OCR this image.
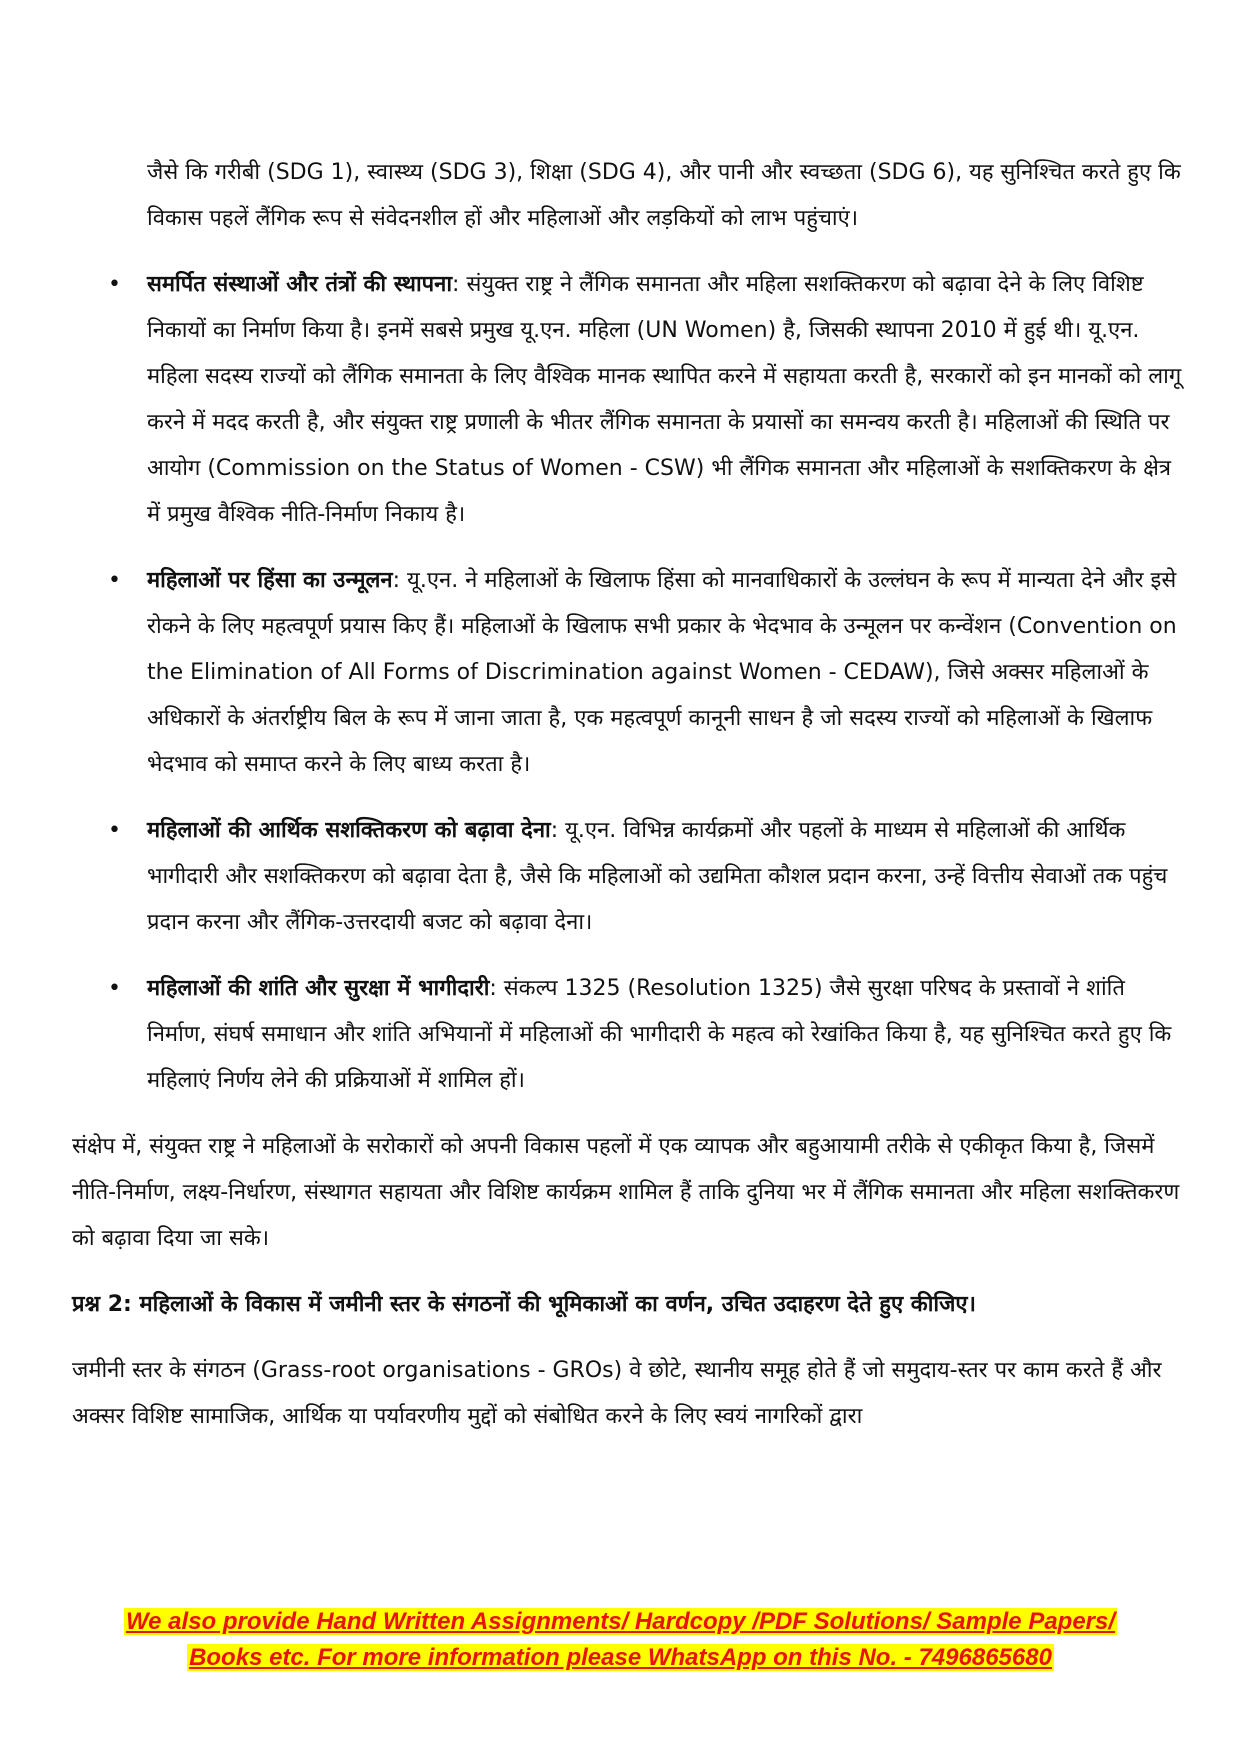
जैसे कि गरीबी (SDG 1), स्वास्थ्य (SDG 3), शिक्षा (SDG 4), और पानी और स्वच्छता (SDG 6), यह सुनिश्चित करते हुए कि विकास पहलें लैंगिक रूप से संवेदनशील हों और महिलाओं और लड़कियों को लाभ पहुंचाएं।

• समर्पित संस्थाओं और तंत्रों की स्थापना: संयुक्त राष्ट्र ने लैंगिक समानता और महिला सशक्तिकरण को बढ़ावा देने के लिए विशिष्ट निकायों का निर्माण किया है। इनमें सबसे प्रमुख यू.एन. महिला (UN Women) है, जिसकी स्थापना 2010 में हुई थी। यू.एन. महिला सदस्य राज्यों को लैंगिक समानता के लिए वैश्विक मानक स्थापित करने में सहायता करती है, सरकारों को इन मानकों को लागू करने में मदद करती है, और संयुक्त राष्ट्र प्रणाली के भीतर लैंगिक समानता के प्रयासों का समन्वय करती है। महिलाओं की स्थिति पर आयोग (Commission on the Status of Women - CSW) भी लैंगिक समानता और महिलाओं के सशक्तिकरण के क्षेत्र में प्रमुख वैश्विक नीति-निर्माण निकाय है।
• महिलाओं पर हिंसा का उन्मूलन: यू.एन. ने महिलाओं के खिलाफ हिंसा को मानवाधिकारों के उल्लंघन के रूप में मान्यता देने और इसे रोकने के लिए महत्वपूर्ण प्रयास किए हैं। महिलाओं के खिलाफ सभी प्रकार के भेदभाव के उन्मूलन पर कन्वेंशन (Convention on the Elimination of All Forms of Discrimination against Women - CEDAW), जिसे अक्सर महिलाओं के अधिकारों के अंतर्राष्ट्रीय बिल के रूप में जाना जाता है, एक महत्वपूर्ण कानूनी साधन है जो सदस्य राज्यों को महिलाओं के खिलाफ भेदभाव को समाप्त करने के लिए बाध्य करता है।
• महिलाओं की आर्थिक सशक्तिकरण को बढ़ावा देना: यू.एन. विभिन्न कार्यक्रमों और पहलों के माध्यम से महिलाओं की आर्थिक भागीदारी और सशक्तिकरण को बढ़ावा देता है, जैसे कि महिलाओं को उद्यमिता कौशल प्रदान करना, उन्हें वित्तीय सेवाओं तक पहुंच प्रदान करना और लैंगिक-उत्तरदायी बजट को बढ़ावा देना।
• महिलाओं की शांति और सुरक्षा में भागीदारी: संकल्प 1325 (Resolution 1325) जैसे सुरक्षा परिषद के प्रस्तावों ने शांति निर्माण, संघर्ष समाधान और शांति अभियानों में महिलाओं की भागीदारी के महत्व को रेखांकित किया है, यह सुनिश्चित करते हुए कि महिलाएं निर्णय लेने की प्रक्रियाओं में शामिल हों।

संक्षेप में, संयुक्त राष्ट्र ने महिलाओं के सरोकारों को अपनी विकास पहलों में एक व्यापक और बहुआयामी तरीके से एकीकृत किया है, जिसमें नीति-निर्माण, लक्ष्य-निर्धारण, संस्थागत सहायता और विशिष्ट कार्यक्रम शामिल हैं ताकि दुनिया भर में लैंगिक समानता और महिला सशक्तिकरण को बढ़ावा दिया जा सके।

प्रश्न 2: महिलाओं के विकास में जमीनी स्तर के संगठनों की भूमिकाओं का वर्णन, उचित उदाहरण देते हुए कीजिए।

जमीनी स्तर के संगठन (Grass-root organisations - GROs) वे छोटे, स्थानीय समूह होते हैं जो समुदाय-स्तर पर काम करते हैं और अक्सर विशिष्ट सामाजिक, आर्थिक या पर्यावरणीय मुद्दों को संबोधित करने के लिए स्वयं नागरिकों द्वारा

We also provide Hand Written Assignments/ Hardcopy /PDF Solutions/ Sample Papers/
Books etc. For more information please WhatsApp on this No. - 7496865680
